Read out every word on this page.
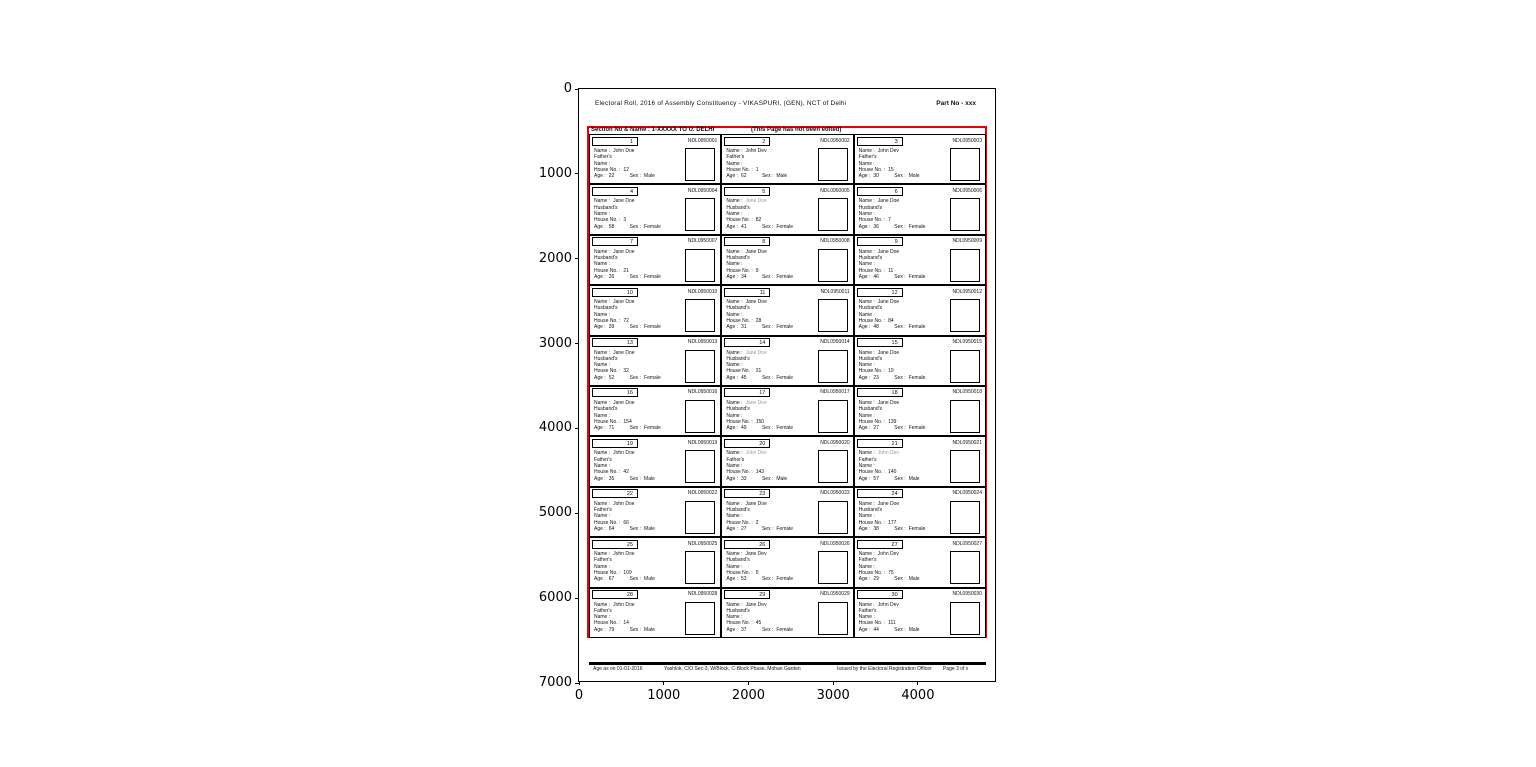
0
1000
2000
3000
4000
5000
6000
7000
0	1000	2000	3000	4000
Electoral Roll, 2016 of Assembly Constituency - VIKASPURI, (GEN), NCT of Delhi	Part No - xxx
Section No & Name : 1-XXXXX TO U. DELHI	(This Page has not been edited)
1	NDL0950001
Name : John Doe
Father's
Name :
House No. : 12
Age : 22	Sex : Male
2	NDL0950002
Name : John Dev
Father's
Name :
House No. : 1
Age : 62	Sex : Male
3	NDL0950003
Name : John Dev
Father's
Name :
House No. : 15
Age : 30	Sex : Male
4	NDL0950004
Name : Jane Doe
Husband's
Name :
House No. : 3
Age : 58	Sex : Female
5	NDL0950005
Name : Jane Doe
Husband's
Name :
House No. : 82
Age : 41	Sex : Female
6	NDL0950006
Name : Jane Doe
Husband's
Name :
House No. : 7
Age : 36	Sex : Female
7	NDL0950007
Name : Jane Doe
Husband's
Name :
House No. : 21
Age : 26	Sex : Female
8	NDL0950008
Name : Jane Doe
Husband's
Name :
House No. : 9
Age : 34	Sex : Female
9	NDL0950009
Name : Jane Doe
Husband's
Name :
House No. : 11
Age : 46	Sex : Female
10	NDL0950010
Name : Jane Doe
Husband's
Name :
House No. : 72
Age : 39	Sex : Female
11	NDL0950011
Name : Jane Doe
Husband's
Name :
House No. : 28
Age : 31	Sex : Female
12	NDL0950012
Name : Jane Doe
Husband's
Name :
House No. : 84
Age : 48	Sex : Female
13	NDL0950013
Name : Jane Doe
Husband's
Name :
House No. : 32
Age : 52	Sex : Female
14	NDL0950014
Name : Jane Doe
Husband's
Name :
House No. : 31
Age : 45	Sex : Female
15	NDL0950015
Name : Jane Doe
Husband's
Name :
House No. : 19
Age : 23	Sex : Female
16	NDL0950016
Name : Jane Doe
Husband's
Name :
House No. : 154
Age : 71	Sex : Female
17	NDL0950017
Name : Jane Doe
Husband's
Name :
House No. : 150
Age : 49	Sex : Female
18	NDL0950018
Name : Jane Doe
Husband's
Name :
House No. : 139
Age : 27	Sex : Female
19	NDL0950019
Name : John Doe
Father's
Name :
House No. : 42
Age : 35	Sex : Male
20	NDL0950020
Name : John Dev
Father's
Name :
House No. : 143
Age : 33	Sex : Male
21	NDL0950021
Name : John Dev
Father's
Name :
House No. : 140
Age : 57	Sex : Male
22	NDL0950022
Name : John Doe
Father's
Name :
House No. : 66
Age : 64	Sex : Male
23	NDL0950023
Name : Jane Doe
Husband's
Name :
House No. : 2
Age : 27	Sex : Female
24	NDL0950024
Name : Jane Doe
Husband's
Name :
House No. : 177
Age : 38	Sex : Female
25	NDL0950025
Name : John Doe
Father's
Name :
House No. : 109
Age : 67	Sex : Male
26	NDL0950026
Name : Jane Dev
Husband's
Name :
House No. : 5
Age : 53	Sex : Female
27	NDL0950027
Name : John Dev
Father's
Name :
House No. : 75
Age : 29	Sex : Male
28	NDL0950028
Name : John Doe
Father's
Name :
House No. : 14
Age : 79	Sex : Male
29	NDL0950029
Name : Jane Dev
Husband's
Name :
House No. : 45
Age : 37	Sex : Female
30	NDL0950030
Name : John Dev
Father's
Name :
House No. : 111
Age : 44	Sex : Male
Age as on 01-01-2016	Yashlok, C/O Sec-3, W/Block, C-Block Phase, Mohan Garden	Issued by the Electoral Registration Officer Page 3 of x
